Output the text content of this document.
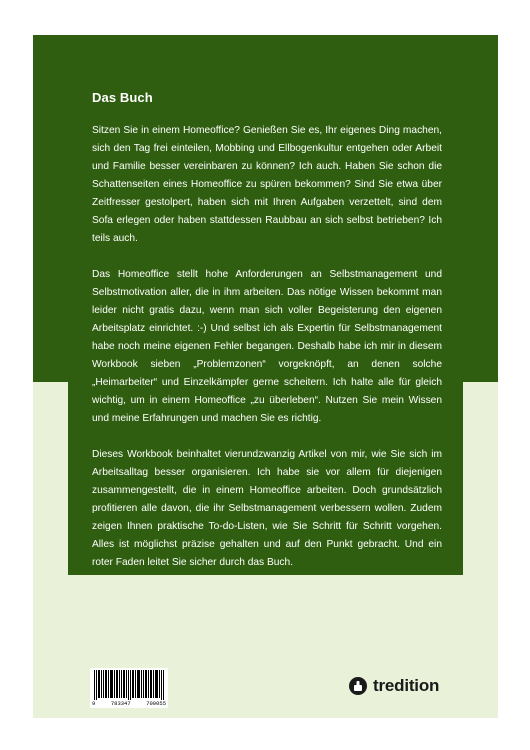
Das Buch

Sitzen Sie in einem Homeoffice? Genießen Sie es, Ihr eigenes Ding machen, sich den Tag frei einteilen, Mobbing und Ellbogenkultur entgehen oder Arbeit und Familie besser vereinbaren zu können? Ich auch. Haben Sie schon die Schattenseiten eines Homeoffice zu spüren bekommen? Sind Sie etwa über Zeitfresser gestolpert, haben sich mit Ihren Aufgaben verzettelt, sind dem Sofa erlegen oder haben stattdessen Raubbau an sich selbst betrieben? Ich teils auch.

Das Homeoffice stellt hohe Anforderungen an Selbstmanagement und Selbstmotivation aller, die in ihm arbeiten. Das nötige Wissen bekommt man leider nicht gratis dazu, wenn man sich voller Begeisterung den eigenen Arbeitsplatz einrichtet. :-) Und selbst ich als Expertin für Selbstmanagement habe noch meine eigenen Fehler begangen. Deshalb habe ich mir in diesem Workbook sieben „Problemzonen“ vorgeknöpft, an denen solche „Heimarbeiter“ und Einzelkämpfer gerne scheitern. Ich halte alle für gleich wichtig, um in einem Homeoffice „zu überleben“. Nutzen Sie mein Wissen und meine Erfahrungen und machen Sie es richtig.

Dieses Workbook beinhaltet vierundzwanzig Artikel von mir, wie Sie sich im Arbeitsalltag besser organisieren. Ich habe sie vor allem für diejenigen zusammengestellt, die in einem Homeoffice arbeiten. Doch grundsätzlich profitieren alle davon, die ihr Selbstmanagement verbessern wollen. Zudem zeigen Ihnen praktische To-do-Listen, wie Sie Schritt für Schritt vorgehen. Alles ist möglichst präzise gehalten und auf den Punkt gebracht. Und ein roter Faden leitet Sie sicher durch das Buch.

9	783347	700055
tredition
